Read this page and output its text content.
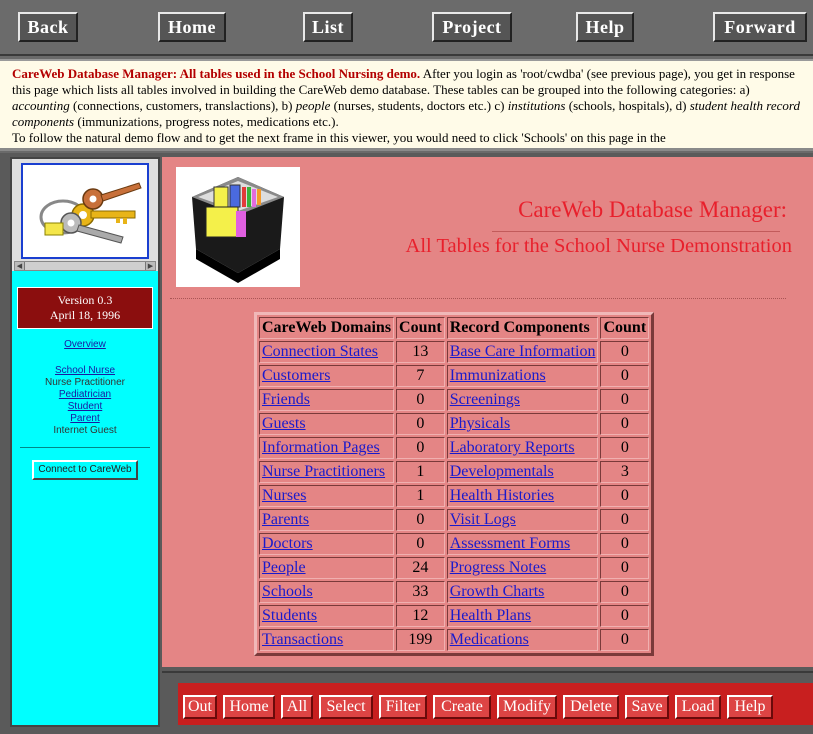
Back	Home	List	Project	Help	Forward
CareWeb Database Manager: All tables used in the School Nursing demo. After you login as 'root/cwdba' (see previous page), you get in response this page which lists all tables involved in building the CareWeb demo database. These tables can be grouped into the following categories: a) accounting (connections, customers, translactions), b) people (nurses, students, doctors etc.) c) institutions (schools, hospitals), d) student health record components (immunizations, progress notes, medications etc.).
To follow the natural demo flow and to get the next frame in this viewer, you would need to click 'Schools' on this page in the
◀	▶
Version 0.3
April 18, 1996
Overview
School Nurse
Nurse Practitioner
Pediatrician
Student
Parent
Internet Guest
Connect to CareWeb
CareWeb Database Manager:
All Tables for the School Nurse Demonstration
CareWeb Domains	Count	Record Components	Count
Connection States	13	Base Care Information	0
Customers	7	Immunizations	0
Friends	0	Screenings	0
Guests	0	Physicals	0
Information Pages	0	Laboratory Reports	0
Nurse Practitioners	1	Developmentals	3
Nurses	1	Health Histories	0
Parents	0	Visit Logs	0
Doctors	0	Assessment Forms	0
People	24	Progress Notes	0
Schools	33	Growth Charts	0
Students	12	Health Plans	0
Transactions	199	Medications	0
Out	Home	All	Select	Filter	Create	Modify	Delete	Save	Load	Help
